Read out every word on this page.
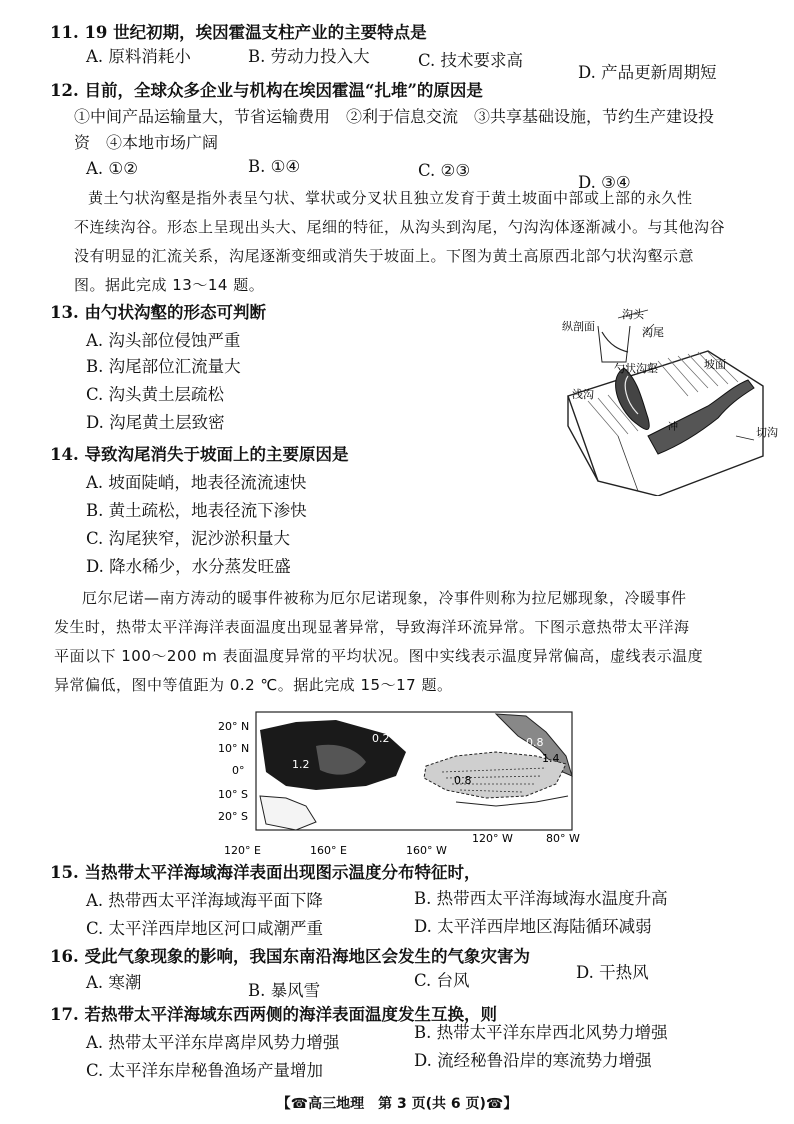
11. 19 世纪初期，埃因霍温支柱产业的主要特点是
A. 原料消耗小	B. 劳动力投入大	C. 技术要求高
D. 产品更新周期短
12. 目前，全球众多企业与机构在埃因霍温“扎堆”的原因是
①中间产品运输量大，节省运输费用　②利于信息交流　③共享基础设施，节约生产建设投
资　④本地市场广阔
A. ①②	B. ①④	C. ②③
D. ③④
黄土勺状沟壑是指外表呈勺状、掌状或分叉状且独立发育于黄土坡面中部或上部的永久性
不连续沟谷。形态上呈现出头大、尾细的特征，从沟头到沟尾，勺沟沟体逐渐减小。与其他沟谷
没有明显的汇流关系，沟尾逐渐变细或消失于坡面上。下图为黄土高原西北部勺状沟壑示意
图。据此完成 13～14 题。
13. 由勺状沟壑的形态可判断
A. 沟头部位侵蚀严重
B. 沟尾部位汇流量大
C. 沟头黄土层疏松
D. 沟尾黄土层致密
纵剖面
沟头
沟尾
坡面
勺状沟壑
浅沟
冲	切沟
14. 导致沟尾消失于坡面上的主要原因是
A. 坡面陡峭，地表径流流速快
B. 黄土疏松，地表径流下渗快
C. 沟尾狭窄，泥沙淤积量大
D. 降水稀少，水分蒸发旺盛
厄尔尼诺—南方涛动的暖事件被称为厄尔尼诺现象，冷事件则称为拉尼娜现象，冷暖事件
发生时，热带太平洋海洋表面温度出现显著异常，导致海洋环流异常。下图示意热带太平洋海
平面以下 100～200 m 表面温度异常的平均状况。图中实线表示温度异常偏高，虚线表示温度
异常偏低，图中等值距为 0.2 ℃。据此完成 15～17 题。
1.2
0.2	0.8
1.4
0.8
20° N
10° N
0°
10° S
20° S
120° E	160° E	160° W
120° W	80° W
15. 当热带太平洋海域海洋表面出现图示温度分布特征时，
A. 热带西太平洋海域海平面下降	B. 热带西太平洋海域海水温度升高
C. 太平洋西岸地区河口咸潮严重	D. 太平洋西岸地区海陆循环减弱
16. 受此气象现象的影响，我国东南沿海地区会发生的气象灾害为
A. 寒潮	B. 暴风雪
C. 台风	D. 干热风
17. 若热带太平洋海域东西两侧的海洋表面温度发生互换，则
A. 热带太平洋东岸离岸风势力增强
B. 热带太平洋东岸西北风势力增强
C. 太平洋东岸秘鲁渔场产量增加
D. 流经秘鲁沿岸的寒流势力增强
【☎高三地理　第 3 页(共 6 页)☎】
